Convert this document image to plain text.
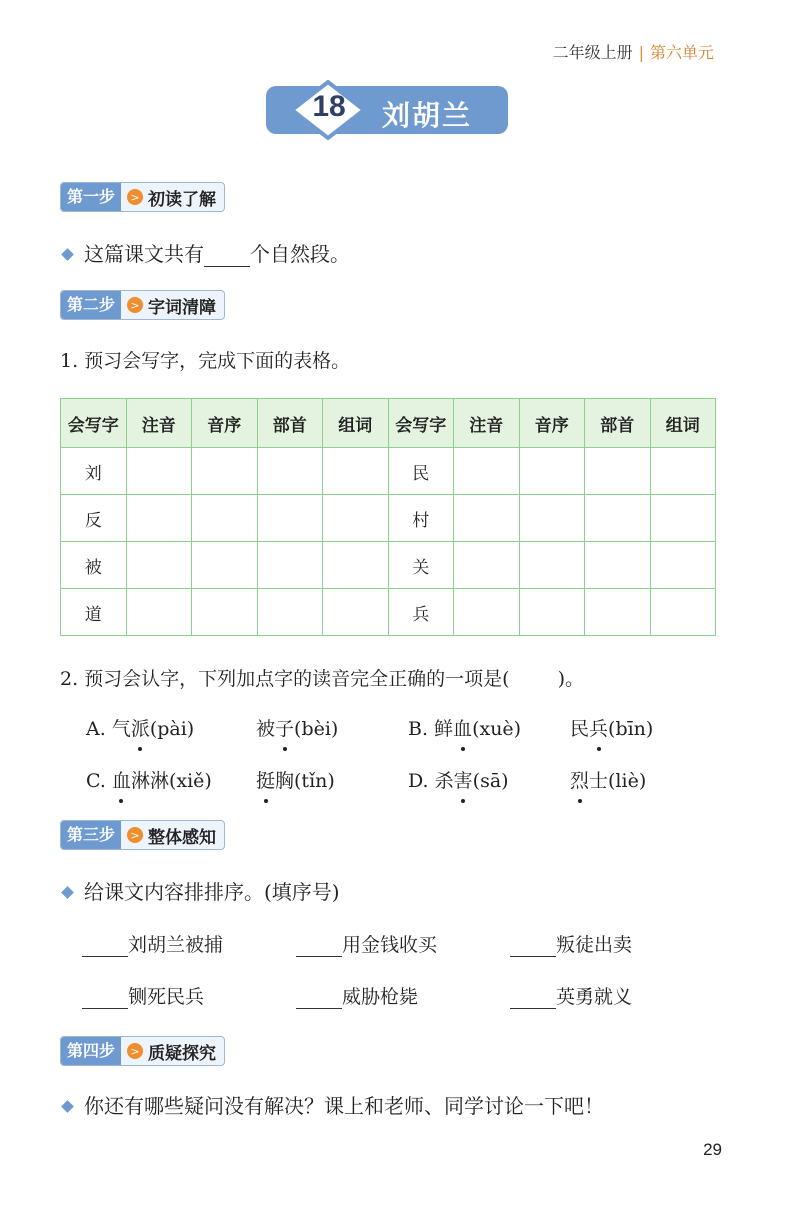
二年级上册 | 第六单元
18 刘胡兰
第一步	> 初读了解
这篇课文共有 个自然段。
第二步	> 字词清障
1. 预习会写字，完成下面的表格。
会写字	注音	音序	部首	组词	会写字	注音	音序	部首	组词
刘					民				
反					村				
被					关				
道					兵				
2. 预习会认字，下列加点字的读音完全正确的一项是(	)。
A. 气派(pài)	被子(bèi)	B. 鲜血(xuè)	民兵(bīn)
C. 血淋淋(xiě) 挺胸(tǐn)	D. 杀害(sā)	烈士(liè)
第三步	> 整体感知
给课文内容排排序。(填序号)
刘胡兰被捕	用金钱收买	叛徒出卖
铡死民兵	威胁枪毙	英勇就义
第四步	> 质疑探究
你还有哪些疑问没有解决？课上和老师、同学讨论一下吧！
29
